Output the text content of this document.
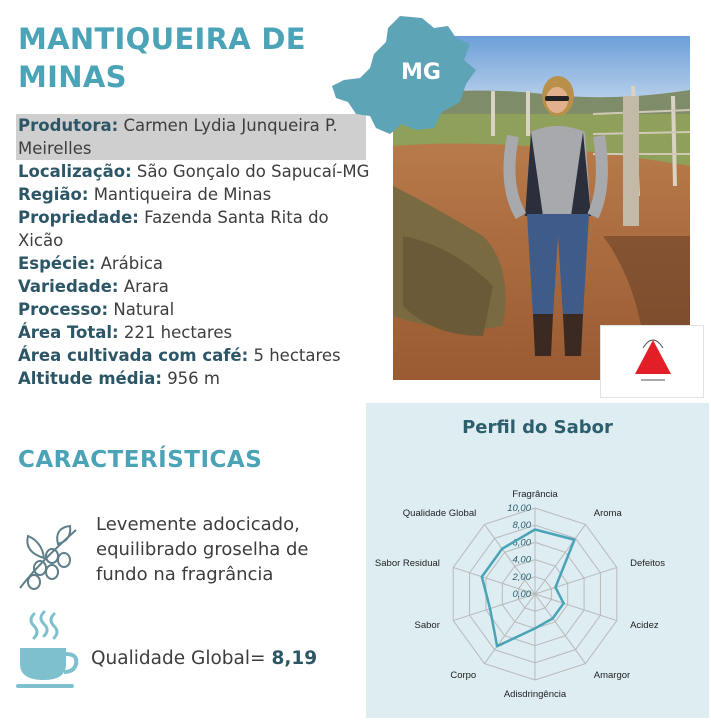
MANTIQUEIRA DE MINAS
Produtora: Carmen Lydia Junqueira P. Meirelles
Localização: São Gonçalo do Sapucaí-MG
Região: Mantiqueira de Minas
Propriedade: Fazenda Santa Rita do Xicão
Espécie: Arábica
Variedade: Arara
Processo: Natural
Área Total: 221 hectares
Área cultivada com café: 5 hectares
Altitude média: 956 m
CARACTERÍSTICAS
Levemente adocicado, equilibrado groselha de fundo na fragrância
Qualidade Global= 8,19
MG
Perfil do Sabor
0,00
2,00
4,00
6,00
8,00
10,00
Fragrância
Aroma
Defeitos
Acidez
Amargor
Adisdringência
Corpo
Sabor
Sabor Residual
Qualidade Global
